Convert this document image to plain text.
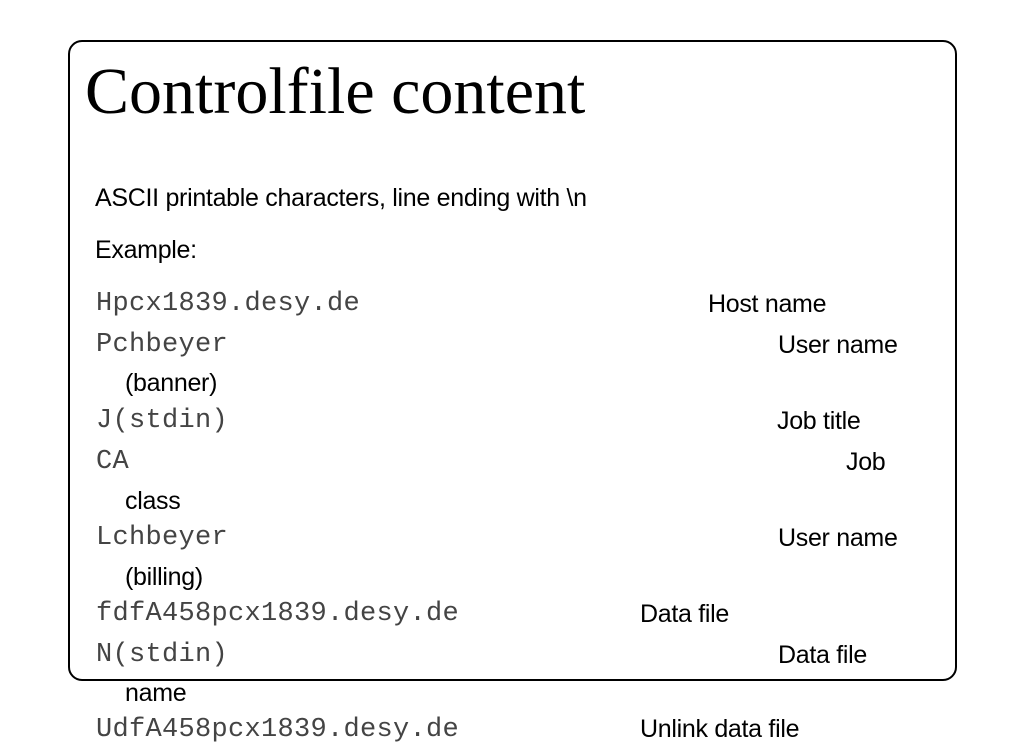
Controlfile content
ASCII printable characters, line ending with \n
Example:
Hpcx1839.desy.de	Host name
Pchbeyer	User name
(banner)
J(stdin)	Job title
CA	Job
class
Lchbeyer	User name
(billing)
fdfA458pcx1839.desy.de	Data file
N(stdin)	Data file
name
UdfA458pcx1839.desy.de	Unlink data file
